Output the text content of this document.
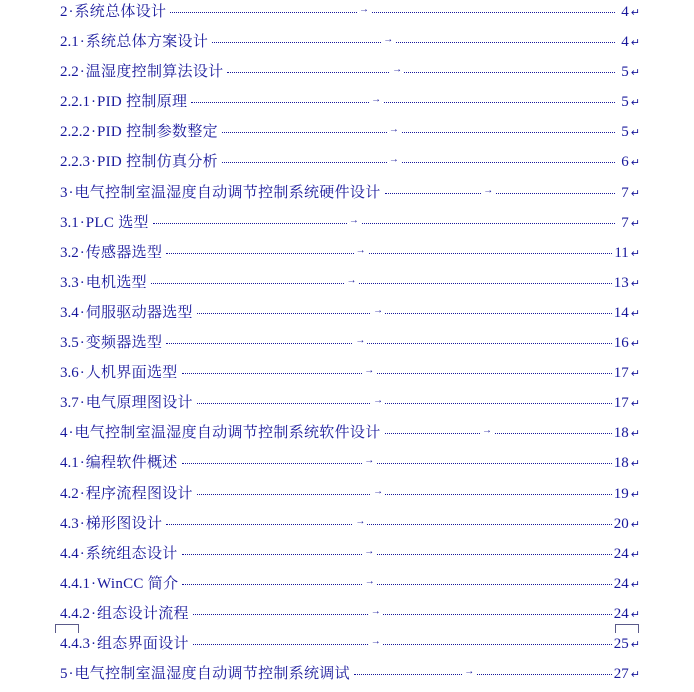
2 · 系统总体设计	→	4 ↵
2.1 · 系统总体方案设计	→	4 ↵
2.2 · 温湿度控制算法设计	→	5 ↵
2.2.1 · PID 控制原理	→	5 ↵
2.2.2 · PID 控制参数整定	→	5 ↵
2.2.3 · PID 控制仿真分析	→	6 ↵
3 · 电气控制室温湿度自动调节控制系统硬件设计	→	7 ↵
3.1 · PLC 选型	→	7 ↵
3.2 · 传感器选型	→	11 ↵
3.3 · 电机选型	→	13 ↵
3.4 · 伺服驱动器选型	→	14 ↵
3.5 · 变频器选型	→	16 ↵
3.6 · 人机界面选型	→	17 ↵
3.7 · 电气原理图设计	→	17 ↵
4 · 电气控制室温湿度自动调节控制系统软件设计	→	18 ↵
4.1 · 编程软件概述	→	18 ↵
4.2 · 程序流程图设计	→	19 ↵
4.3 · 梯形图设计	→	20 ↵
4.4 · 系统组态设计	→	24 ↵
4.4.1 · WinCC 简介	→	24 ↵
4.4.2 · 组态设计流程	→	24 ↵
4.4.3 · 组态界面设计	→	25 ↵
5 · 电气控制室温湿度自动调节控制系统调试	→	27 ↵
